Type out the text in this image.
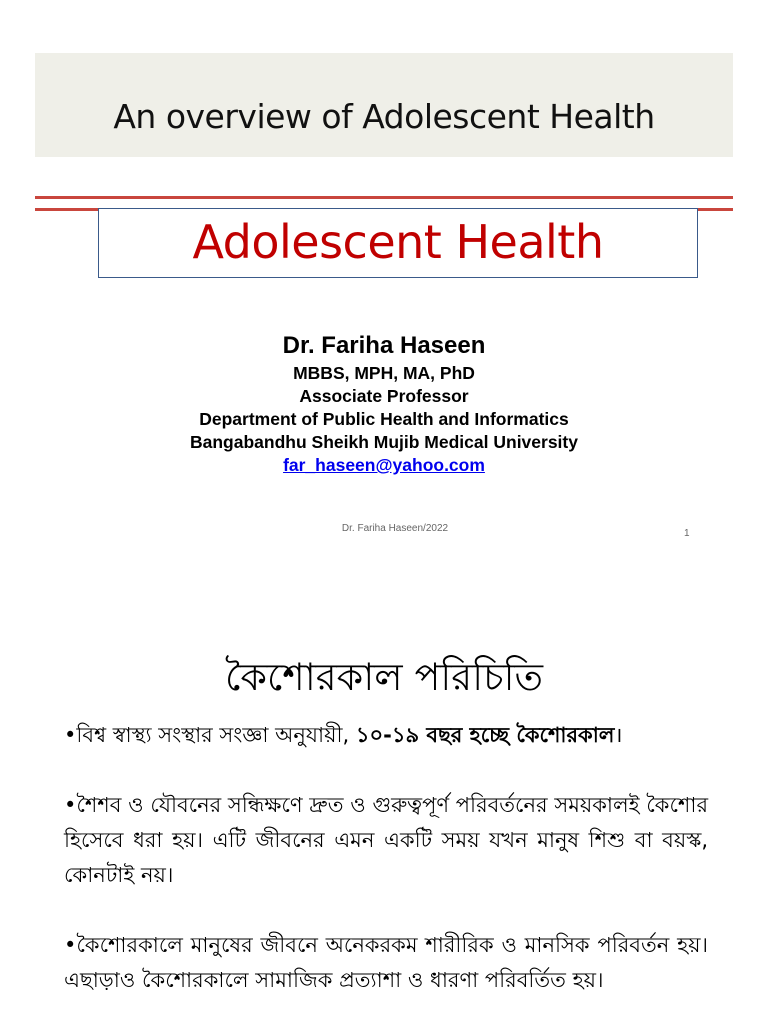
An overview of Adolescent Health
Adolescent Health
Dr. Fariha Haseen
MBBS, MPH, MA, PhD
Associate Professor
Department of Public Health and Informatics
Bangabandhu Sheikh Mujib Medical University
far_haseen@yahoo.com
Dr. Fariha Haseen/2022	1
কৈশোরকাল পরিচিতি
•বিশ্ব স্বাস্থ্য সংস্থার সংজ্ঞা অনুযায়ী, ১০-১৯ বছর হচ্ছে কৈশোরকাল।
•শৈশব ও যৌবনের সন্ধিক্ষণে দ্রুত ও গুরুত্বপূর্ণ পরিবর্তনের সময়কালই কৈশোর হিসেবে ধরা হয়। এটি জীবনের এমন একটি সময় যখন মানুষ শিশু বা বয়স্ক, কোনটাই নয়।
•কৈশোরকালে মানুষের জীবনে অনেকরকম শারীরিক ও মানসিক পরিবর্তন হয়। এছাড়াও কৈশোরকালে সামাজিক প্রত্যাশা ও ধারণা পরিবর্তিত হয়।
